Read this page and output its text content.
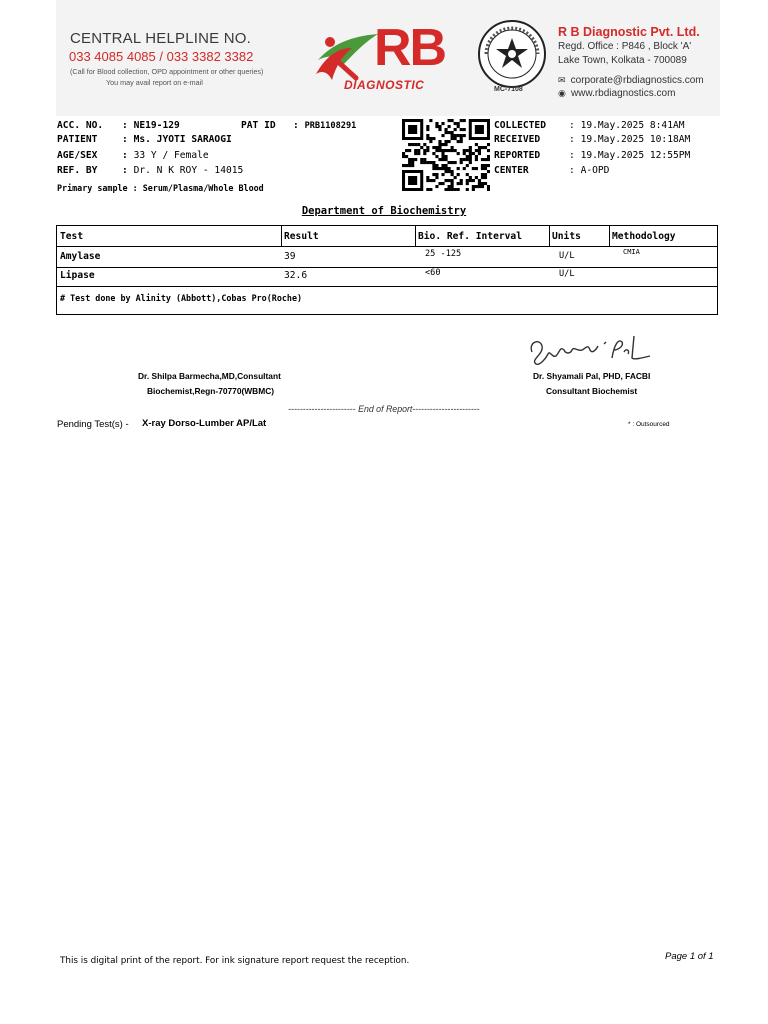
CENTRAL HELPLINE NO.
033 4085 4085 / 033 3382 3382
(Call for Blood collection, OPD appointment or other queries)
You may avail report on e-mail
RB
DIAGNOSTIC	MC-7108
R B Diagnostic Pvt. Ltd.
Regd. Office : P846 , Block 'A'
Lake Town, Kolkata - 700089
✉ corporate@rbdiagnostics.com
◉ www.rbdiagnostics.com
ACC. NO. : NE19-129	PAT ID : PRB1108291
PATIENT	: Ms. JYOTI SARAOGI
AGE/SEX	: 33 Y / Female
REF. BY	: Dr. N K ROY - 14015
Primary sample : Serum/Plasma/Whole Blood
COLLECTED : 19.May.2025 8:41AM
RECEIVED	: 19.May.2025 10:18AM
REPORTED	: 19.May.2025 12:55PM
CENTER	: A-OPD
Department of Biochemistry
Test	Result	Bio. Ref. Interval	Units	Methodology
Amylase	39	25 -125	U/L	CMIA
Lipase	32.6	<60	U/L
# Test done by Alinity (Abbott),Cobas Pro(Roche)
Dr. Shilpa Barmecha,MD,Consultant
Biochemist,Regn-70770(WBMC)
Dr. Shyamali Pal, PHD, FACBI
Consultant Biochemist
----------------------- End of Report-----------------------
Pending Test(s) - X-ray Dorso-Lumber AP/Lat	* : Outsourced
This is digital print of the report. For ink signature report request the reception.	Page 1 of 1
